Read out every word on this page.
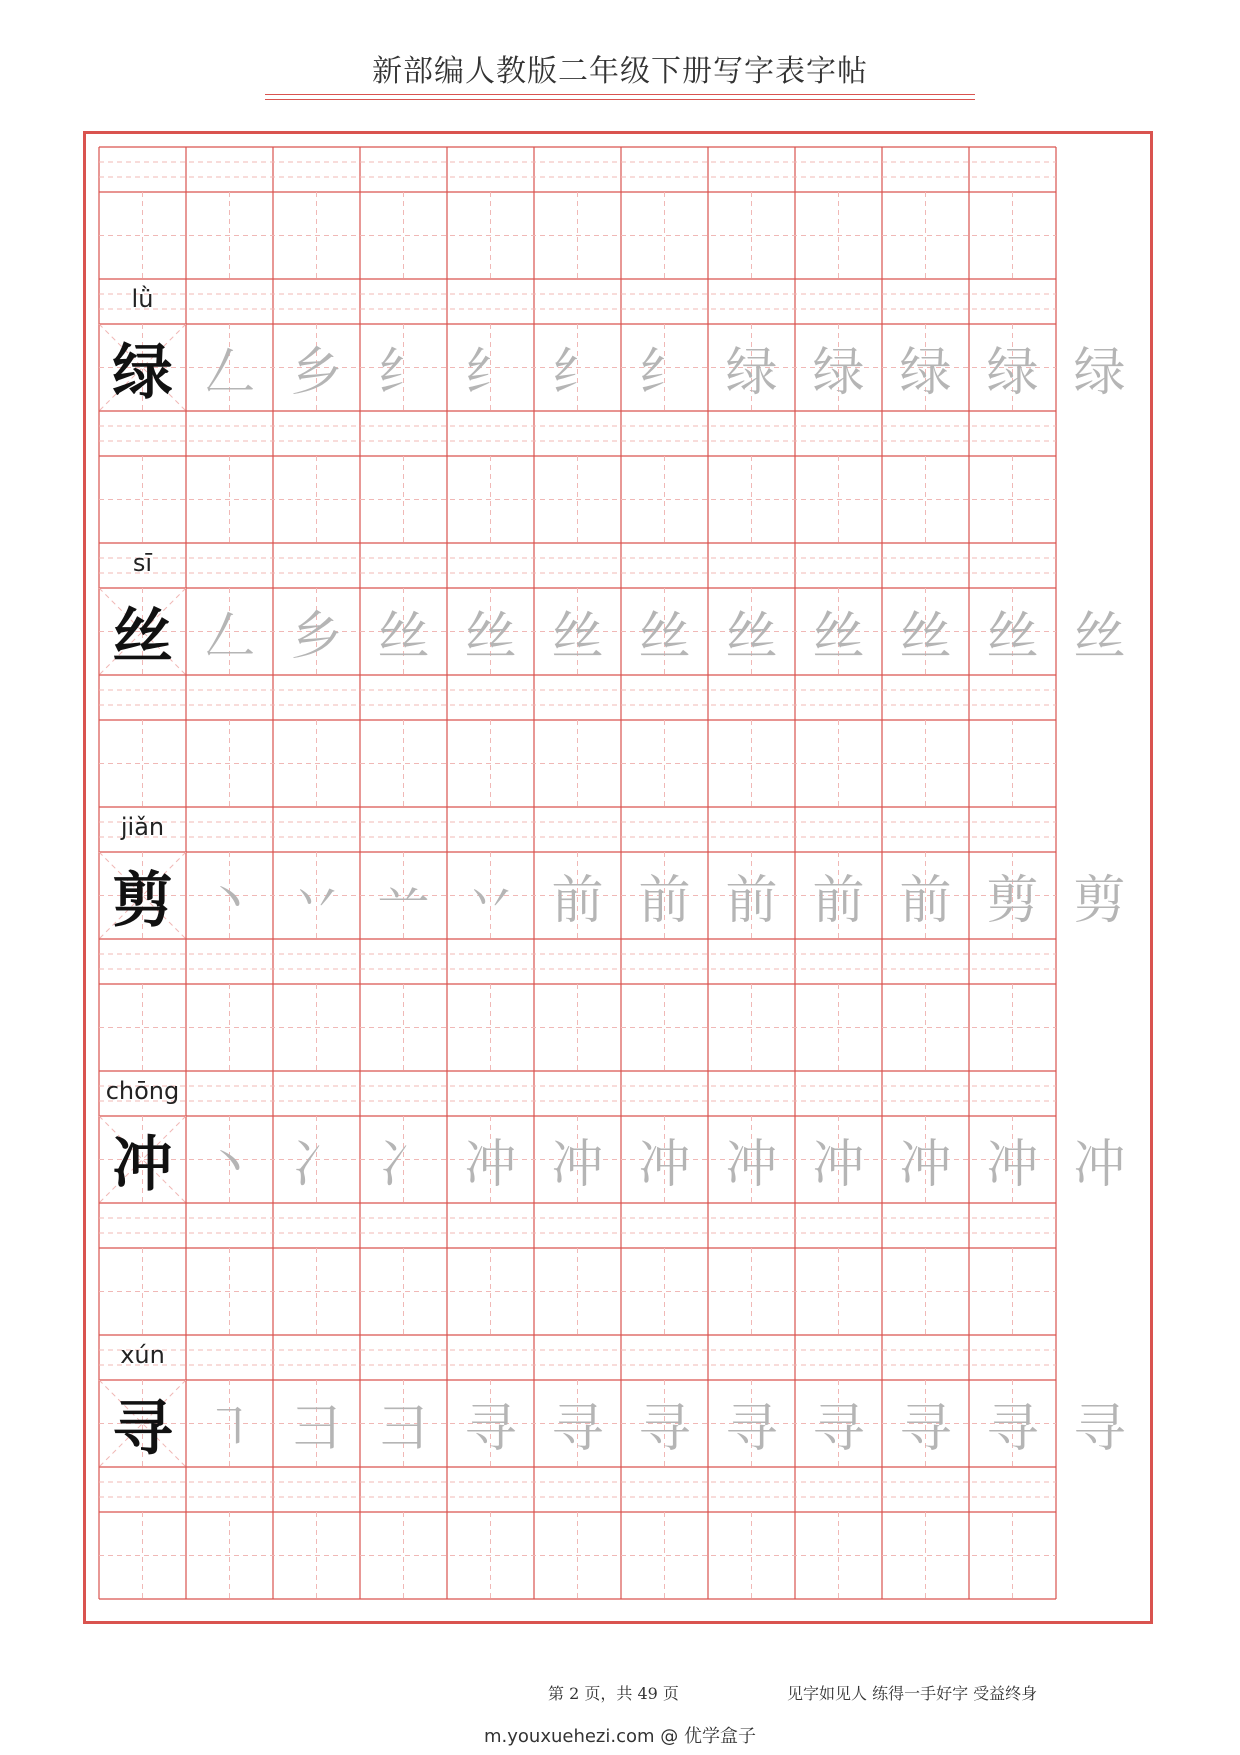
新部编人教版二年级下册写字表字帖
lǜ
绿 𠃋 乡 纟 纟 纟 纟 绿 绿 绿 绿 绿
sī
丝 𠃋 乡 丝 丝 丝 丝 丝 丝 丝 丝 丝
jiǎn
剪 丶 丷 䒑 丷 前 前 前 前 前 剪 剪
chōng
冲 丶 冫 冫 冲 冲 冲 冲 冲 冲 冲 冲
xún
寻 ㇕ 彐 彐 寻 寻 寻 寻 寻 寻 寻 寻
第 2 页，共 49 页	见字如见人 练得一手好字 受益终身
m.youxuehezi.com @ 优学盒子
